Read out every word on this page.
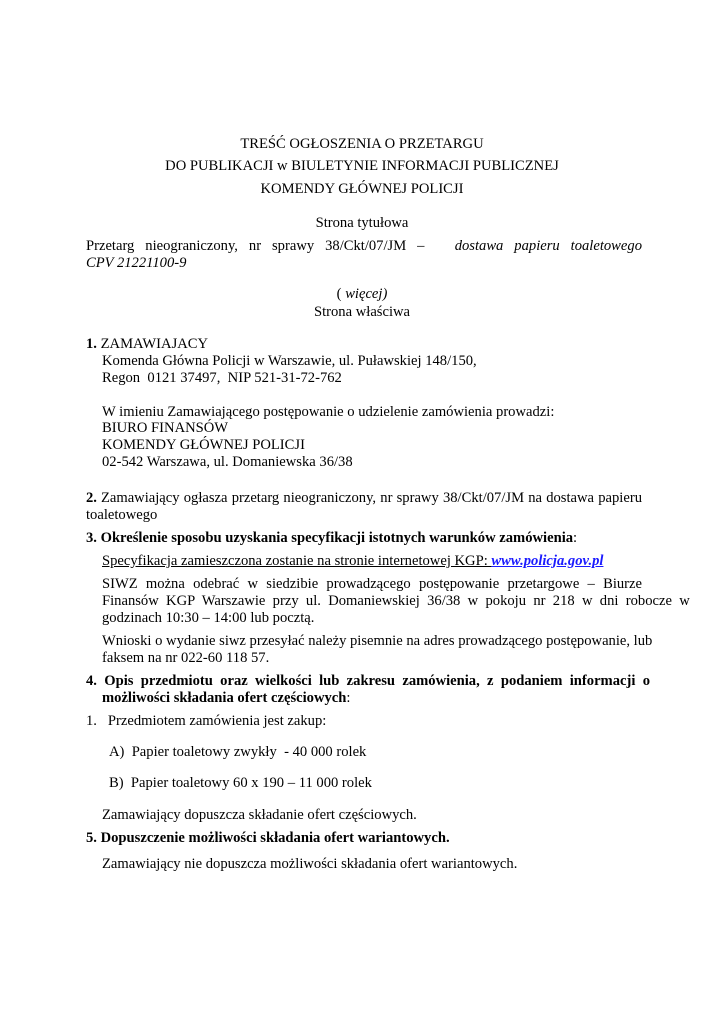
TREŚĆ OGŁOSZENIA O PRZETARGU

DO PUBLIKACJI w BIULETYNIE INFORMACJI PUBLICZNEJ

KOMENDY GŁÓWNEJ POLICJI

Strona tytułowa

Przetarg   nieograniczony,   nr   sprawy   38/Ckt/07/JM   – dostawa   papieru   toaletowego

CPV 21221100-9

( więcej)

Strona właściwa

1. ZAMAWIAJACY

Komenda Główna Policji w Warszawie, ul. Puławskiej 148/150,

Regon  0121 37497,  NIP 521-31-72-762

W imieniu Zamawiającego postępowanie o udzielenie zamówienia prowadzi:

BIURO FINANSÓW

KOMENDY GŁÓWNEJ POLICJI

02-542 Warszawa, ul. Domaniewska 36/38

2. Zamawiający ogłasza przetarg nieograniczony, nr sprawy 38/Ckt/07/JM na dostawa papieru

toaletowego

3. Określenie sposobu uzyskania specyfikacji istotnych warunków zamówienia:

Specyfikacja zamieszczona zostanie na stronie internetowej KGP: www.policja.gov.pl

SIWZ  można  odebrać  w  siedzibie  prowadzącego  postępowanie  przetargowe  –  Biurze

Finansów  KGP  Warszawie  przy  ul.  Domaniewskiej  36/38  w  pokoju  nr  218  w  dni  robocze  w

godzinach 10:30 – 14:00 lub pocztą.

Wnioski o wydanie siwz przesyłać należy pisemnie na adres prowadzącego postępowanie, lub

faksem na nr 022-60 118 57.

4.  Opis  przedmiotu  oraz  wielkości  lub  zakresu  zamówienia,  z  podaniem  informacji  o

możliwości składania ofert częściowych:

1.   Przedmiotem zamówienia jest zakup:

A)  Papier toaletowy zwykły  - 40 000 rolek

B)  Papier toaletowy 60 x 190 – 11 000 rolek

Zamawiający dopuszcza składanie ofert częściowych.

5. Dopuszczenie możliwości składania ofert wariantowych.

Zamawiający nie dopuszcza możliwości składania ofert wariantowych.
